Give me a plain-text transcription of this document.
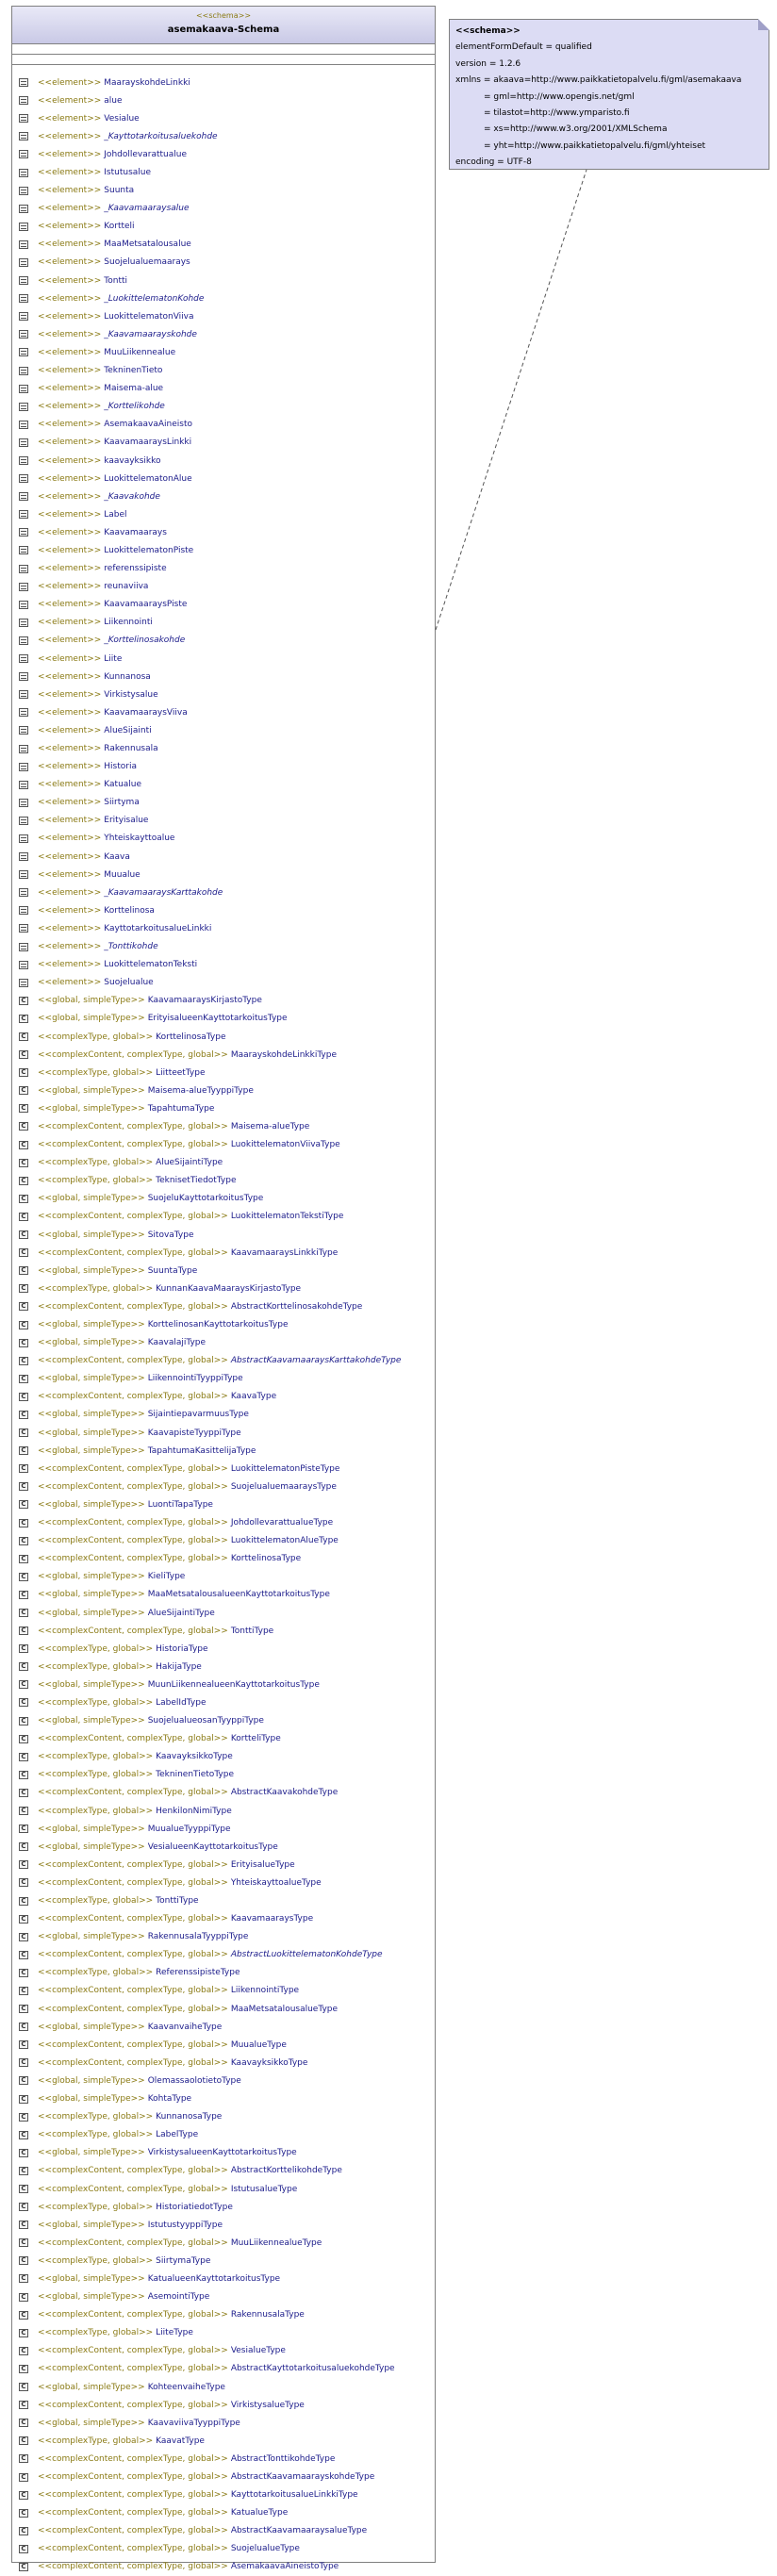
<<schema>>
asemakaava-Schema
<<element>> MaarayskohdeLinkki
<<element>> alue
<<element>> Vesialue
<<element>> _Kayttotarkoitusaluekohde
<<element>> Johdollevarattualue
<<element>> Istutusalue
<<element>> Suunta
<<element>> _Kaavamaaraysalue
<<element>> Kortteli
<<element>> MaaMetsatalousalue
<<element>> Suojelualuemaarays
<<element>> Tontti
<<element>> _LuokittelematonKohde
<<element>> LuokittelematonViiva
<<element>> _Kaavamaarayskohde
<<element>> MuuLiikennealue
<<element>> TekninenTieto
<<element>> Maisema-alue
<<element>> _Korttelikohde
<<element>> AsemakaavaAineisto
<<element>> KaavamaaraysLinkki
<<element>> kaavayksikko
<<element>> LuokittelematonAlue
<<element>> _Kaavakohde
<<element>> Label
<<element>> Kaavamaarays
<<element>> LuokittelematonPiste
<<element>> referenssipiste
<<element>> reunaviiva
<<element>> KaavamaaraysPiste
<<element>> Liikennointi
<<element>> _Korttelinosakohde
<<element>> Liite
<<element>> Kunnanosa
<<element>> Virkistysalue
<<element>> KaavamaaraysViiva
<<element>> AlueSijainti
<<element>> Rakennusala
<<element>> Historia
<<element>> Katualue
<<element>> Siirtyma
<<element>> Erityisalue
<<element>> Yhteiskayttoalue
<<element>> Kaava
<<element>> Muualue
<<element>> _KaavamaaraysKarttakohde
<<element>> Korttelinosa
<<element>> KayttotarkoitusalueLinkki
<<element>> _Tonttikohde
<<element>> LuokittelematonTeksti
<<element>> Suojelualue
C <<global, simpleType>> KaavamaaraysKirjastoType
C <<global, simpleType>> ErityisalueenKayttotarkoitusType
C <<complexType, global>> KorttelinosaType
C <<complexContent, complexType, global>> MaarayskohdeLinkkiType
C <<complexType, global>> LiitteetType
C <<global, simpleType>> Maisema-alueTyyppiType
C <<global, simpleType>> TapahtumaType
C <<complexContent, complexType, global>> Maisema-alueType
C <<complexContent, complexType, global>> LuokittelematonViivaType
C <<complexType, global>> AlueSijaintiType
C <<complexType, global>> TeknisetTiedotType
C <<global, simpleType>> SuojeluKayttotarkoitusType
C <<complexContent, complexType, global>> LuokittelematonTekstiType
C <<global, simpleType>> SitovaType
C <<complexContent, complexType, global>> KaavamaaraysLinkkiType
C <<global, simpleType>> SuuntaType
C <<complexType, global>> KunnanKaavaMaaraysKirjastoType
C <<complexContent, complexType, global>> AbstractKorttelinosakohdeType
C <<global, simpleType>> KorttelinosanKayttotarkoitusType
C <<global, simpleType>> KaavalajiType
C <<complexContent, complexType, global>> AbstractKaavamaaraysKarttakohdeType
C <<global, simpleType>> LiikennointiTyyppiType
C <<complexContent, complexType, global>> KaavaType
C <<global, simpleType>> SijaintiepavarmuusType
C <<global, simpleType>> KaavapisteTyyppiType
C <<global, simpleType>> TapahtumaKasittelijaType
C <<complexContent, complexType, global>> LuokittelematonPisteType
C <<complexContent, complexType, global>> SuojelualuemaaraysType
C <<global, simpleType>> LuontiTapaType
C <<complexContent, complexType, global>> JohdollevarattualueType
C <<complexContent, complexType, global>> LuokittelematonAlueType
C <<complexContent, complexType, global>> KorttelinosaType
C <<global, simpleType>> KieliType
C <<global, simpleType>> MaaMetsatalousalueenKayttotarkoitusType
C <<global, simpleType>> AlueSijaintiType
C <<complexContent, complexType, global>> TonttiType
C <<complexType, global>> HistoriaType
C <<complexType, global>> HakijaType
C <<global, simpleType>> MuunLiikennealueenKayttotarkoitusType
C <<complexType, global>> LabelIdType
C <<global, simpleType>> SuojelualueosanTyyppiType
C <<complexContent, complexType, global>> KortteliType
C <<complexType, global>> KaavayksikkoType
C <<complexType, global>> TekninenTietoType
C <<complexContent, complexType, global>> AbstractKaavakohdeType
C <<complexType, global>> HenkilonNimiType
C <<global, simpleType>> MuualueTyyppiType
C <<global, simpleType>> VesialueenKayttotarkoitusType
C <<complexContent, complexType, global>> ErityisalueType
C <<complexContent, complexType, global>> YhteiskayttoalueType
C <<complexType, global>> TonttiType
C <<complexContent, complexType, global>> KaavamaaraysType
C <<global, simpleType>> RakennusalaTyyppiType
C <<complexContent, complexType, global>> AbstractLuokittelematonKohdeType
C <<complexType, global>> ReferenssipisteType
C <<complexContent, complexType, global>> LiikennointiType
C <<complexContent, complexType, global>> MaaMetsatalousalueType
C <<global, simpleType>> KaavanvaiheType
C <<complexContent, complexType, global>> MuualueType
C <<complexContent, complexType, global>> KaavayksikkoType
C <<global, simpleType>> OlemassaolotietoType
C <<global, simpleType>> KohtaType
C <<complexType, global>> KunnanosaType
C <<complexType, global>> LabelType
C <<global, simpleType>> VirkistysalueenKayttotarkoitusType
C <<complexContent, complexType, global>> AbstractKorttelikohdeType
C <<complexContent, complexType, global>> IstutusalueType
C <<complexType, global>> HistoriatiedotType
C <<global, simpleType>> IstutustyyppiType
C <<complexContent, complexType, global>> MuuLiikennealueType
C <<complexType, global>> SiirtymaType
C <<global, simpleType>> KatualueenKayttotarkoitusType
C <<global, simpleType>> AsemointiType
C <<complexContent, complexType, global>> RakennusalaType
C <<complexType, global>> LiiteType
C <<complexContent, complexType, global>> VesialueType
C <<complexContent, complexType, global>> AbstractKayttotarkoitusaluekohdeType
C <<global, simpleType>> KohteenvaiheType
C <<complexContent, complexType, global>> VirkistysalueType
C <<global, simpleType>> KaavaviivaTyyppiType
C <<complexType, global>> KaavatType
C <<complexContent, complexType, global>> AbstractTonttikohdeType
C <<complexContent, complexType, global>> AbstractKaavamaarayskohdeType
C <<complexContent, complexType, global>> KayttotarkoitusalueLinkkiType
C <<complexContent, complexType, global>> KatualueType
C <<complexContent, complexType, global>> AbstractKaavamaaraysalueType
C <<complexContent, complexType, global>> SuojelualueType
C <<complexContent, complexType, global>> AsemakaavaAineistoType
<<schema>>
elementFormDefault = qualified
version = 1.2.6
xmlns = akaava=http://www.paikkatietopalvelu.fi/gml/asemakaava
= gml=http://www.opengis.net/gml
= tilastot=http://www.ymparisto.fi
= xs=http://www.w3.org/2001/XMLSchema
= yht=http://www.paikkatietopalvelu.fi/gml/yhteiset
encoding = UTF-8
